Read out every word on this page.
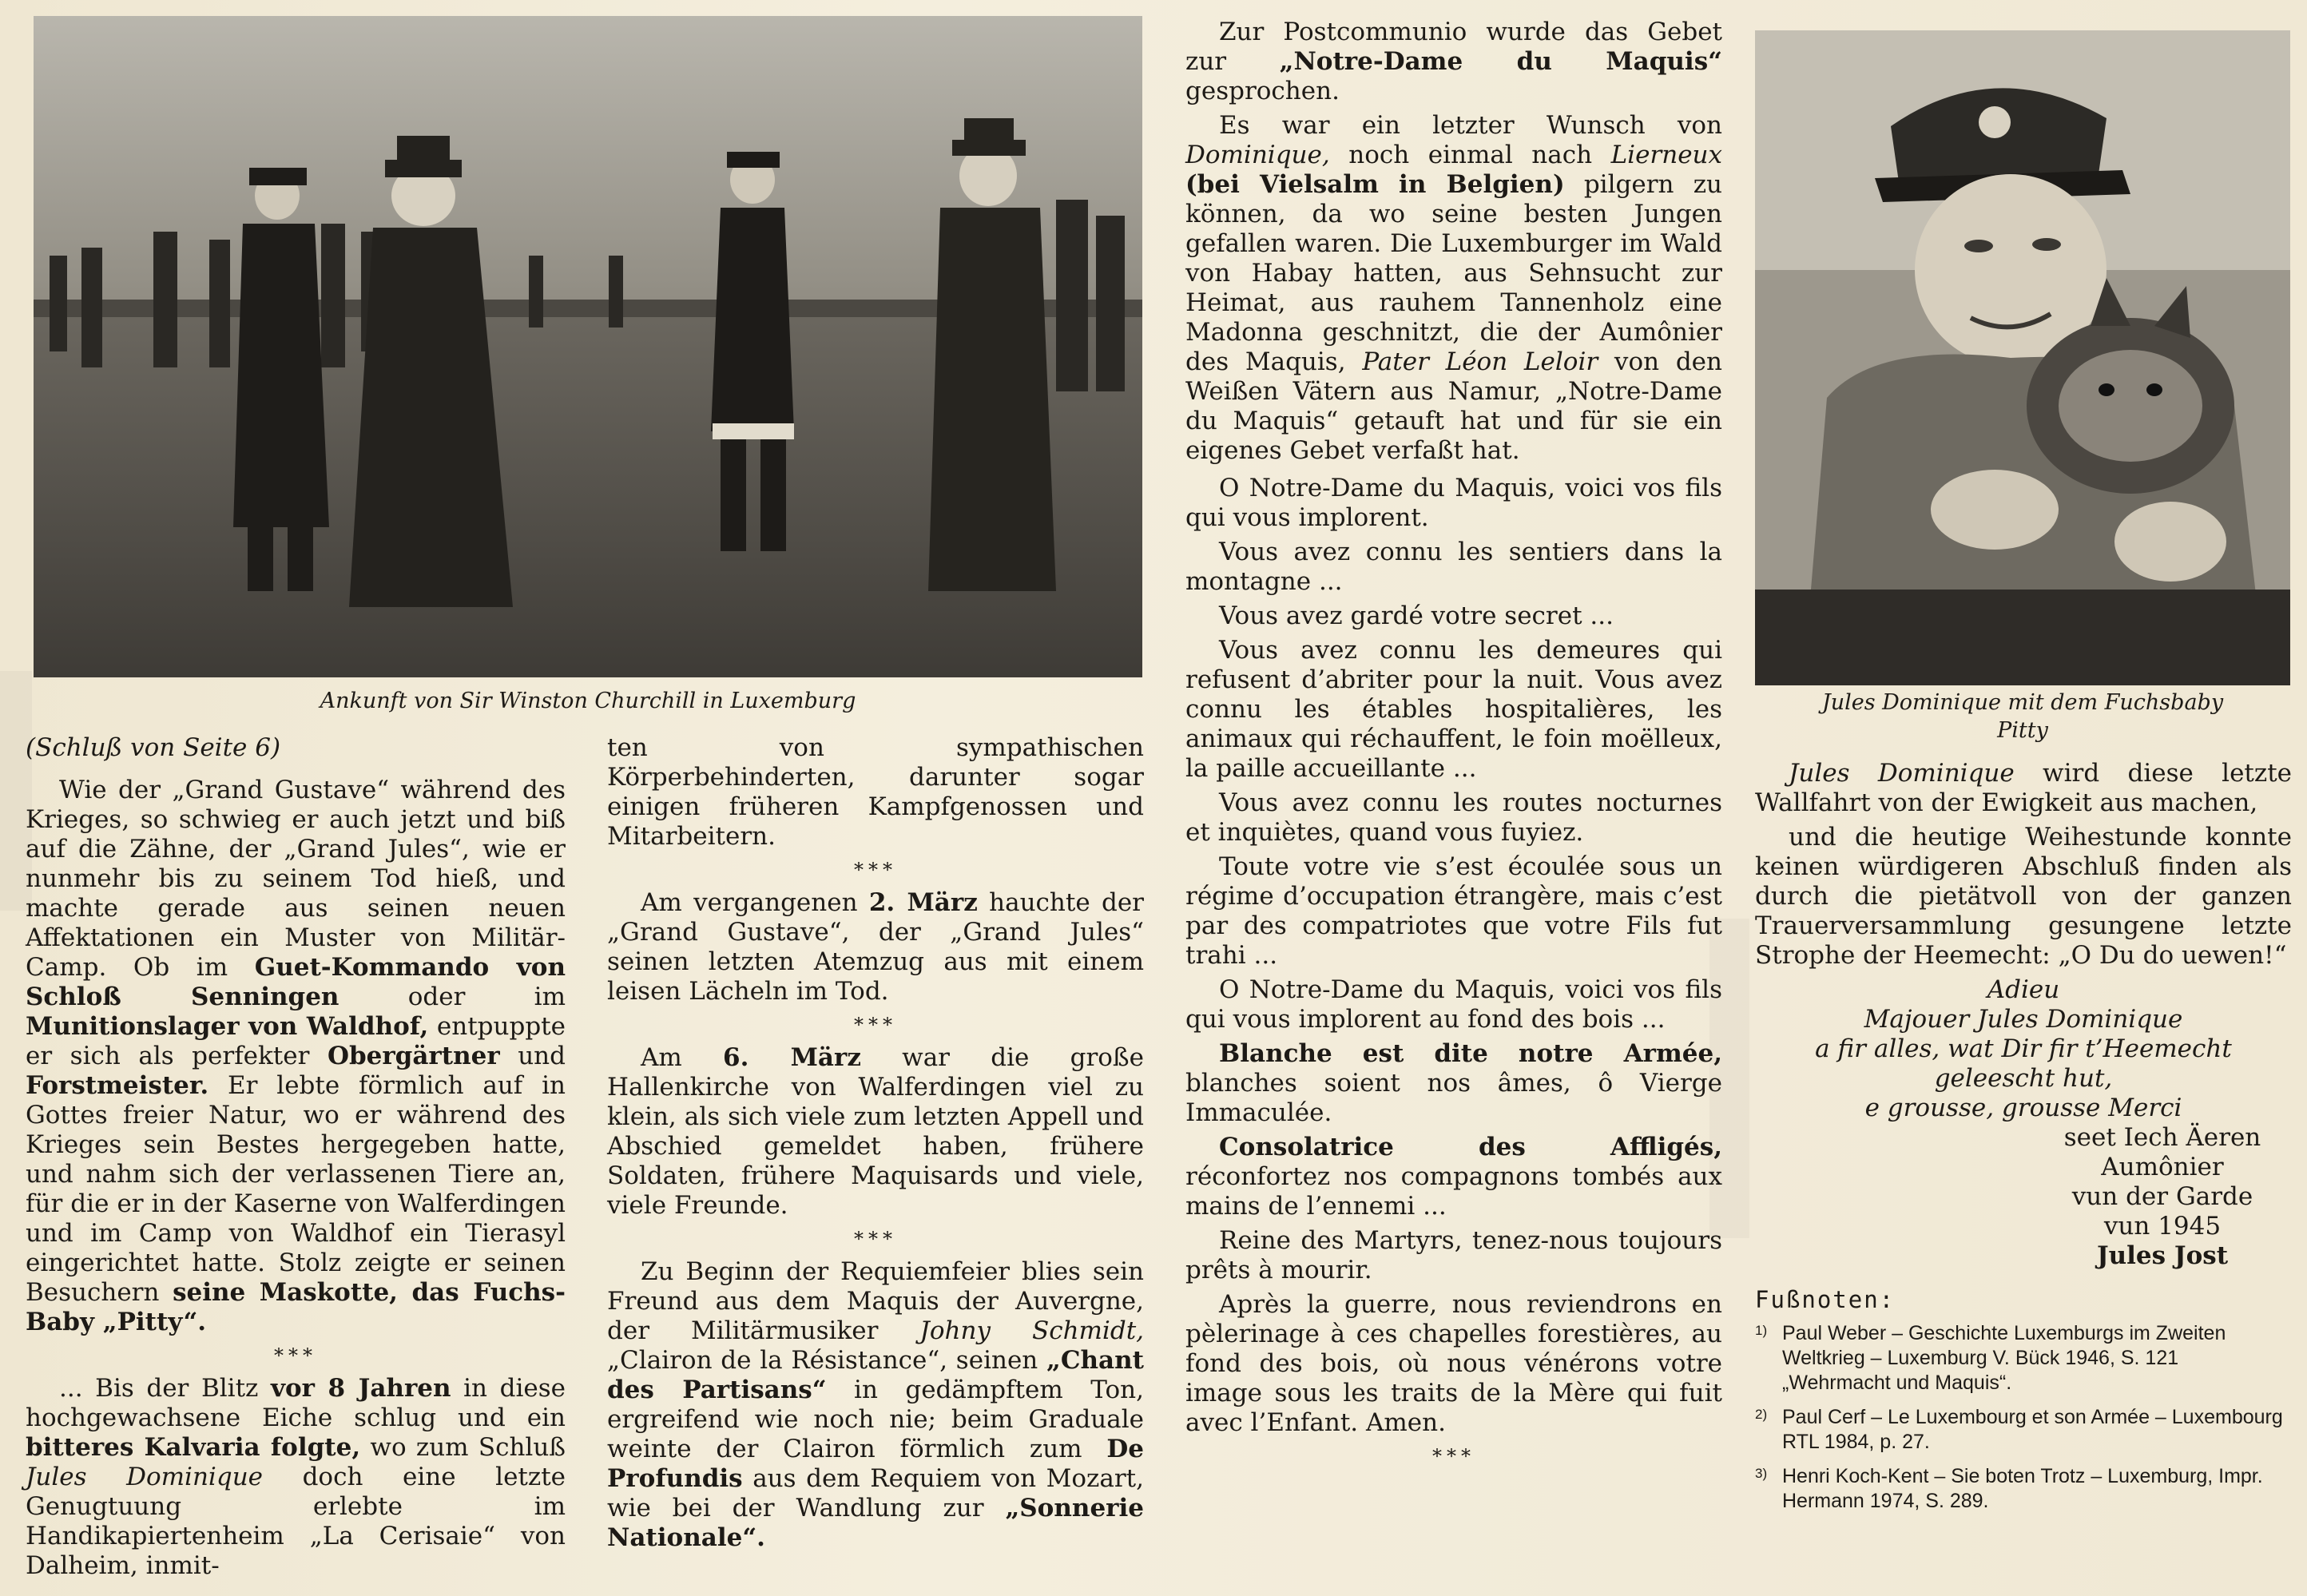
Ankunft von Sir Winston Churchill in Luxemburg	Jules Dominique mit dem Fuchsbaby
Pitty

(Schluß von Seite 6)

Wie der „Grand Gustave“ während des Krieges, so schwieg er auch jetzt und biß auf die Zähne, der „Grand Jules“, wie er nunmehr bis zu seinem Tod hieß, und machte gerade aus seinen neuen Affektationen ein Muster von Militär-Camp. Ob im Guet-Kommando von Schloß Senningen oder im Munitionslager von Waldhof, entpuppte er sich als perfekter Obergärtner und Forstmeister. Er lebte förmlich auf in Gottes freier Natur, wo er während des Krieges sein Bestes hergegeben hatte, und nahm sich der verlassenen Tiere an, für die er in der Kaserne von Walferdingen und im Camp von Waldhof ein Tierasyl eingerichtet hatte. Stolz zeigte er seinen Besuchern seine Maskotte, das Fuchs-Baby „Pitty“.

***

... Bis der Blitz vor 8 Jahren in diese hochgewachsene Eiche schlug und ein bitteres Kalvaria folgte, wo zum Schluß Jules Dominique doch eine letzte Genugtuung erlebte im Handikapiertenheim „La Cerisaie“ von Dalheim, inmit-

ten von sympathischen Körperbehinderten, darunter sogar einigen früheren Kampfgenossen und Mitarbeitern.

***

Am vergangenen 2. März hauchte der „Grand Gustave“, der „Grand Jules“ seinen letzten Atemzug aus mit einem leisen Lächeln im Tod.

***

Am 6. März war die große Hallenkirche von Walferdingen viel zu klein, als sich viele zum letzten Appell und Abschied gemeldet haben, frühere Soldaten, frühere Maquisards und viele, viele Freunde.

***

Zu Beginn der Requiemfeier blies sein Freund aus dem Maquis der Auvergne, der Militärmusiker Johny Schmidt, „Clairon de la Résistance“, seinen „Chant des Partisans“ in gedämpftem Ton, ergreifend wie noch nie; beim Graduale weinte der Clairon förmlich zum De Profundis aus dem Requiem von Mozart, wie bei der Wandlung zur „Sonnerie Nationale“.

Zur Postcommunio wurde das Gebet zur „Notre-Dame du Maquis“ gesprochen.

Es war ein letzter Wunsch von Dominique, noch einmal nach Lierneux (bei Vielsalm in Belgien) pilgern zu können, da wo seine besten Jungen gefallen waren. Die Luxemburger im Wald von Habay hatten, aus Sehnsucht zur Heimat, aus rauhem Tannenholz eine Madonna geschnitzt, die der Aumônier des Maquis, Pater Léon Leloir von den Weißen Vätern aus Namur, „Notre-Dame du Maquis“ getauft hat und für sie ein eigenes Gebet verfaßt hat.

O Notre-Dame du Maquis, voici vos fils qui vous implorent.

Vous avez connu les sentiers dans la montagne ...

Vous avez gardé votre secret ...

Vous avez connu les demeures qui refusent d’abriter pour la nuit. Vous avez connu les étables hospitalières, les animaux qui réchauffent, le foin moëlleux, la paille accueillante ...

Vous avez connu les routes nocturnes et inquiètes, quand vous fuyiez.

Toute votre vie s’est écoulée sous un régime d’occupation étrangère, mais c’est par des compatriotes que votre Fils fut trahi ...

O Notre-Dame du Maquis, voici vos fils qui vous implorent au fond des bois ...

Blanche est dite notre Armée, blanches soient nos âmes, ô Vierge Immaculée.

Consolatrice des Affligés, réconfortez nos compagnons tombés aux mains de l’ennemi ...

Reine des Martyrs, tenez-nous toujours prêts à mourir.

Après la guerre, nous reviendrons en pèlerinage à ces chapelles forestières, au fond des bois, où nous vénérons votre image sous les traits de la Mère qui fuit avec l’Enfant. Amen.

***

Jules Dominique wird diese letzte Wallfahrt von der Ewigkeit aus machen,

und die heutige Weihestunde konnte keinen würdigeren Abschluß finden als durch die pietätvoll von der ganzen Trauerversammlung gesungene letzte Strophe der Heemecht: „O Du do uewen!“

Adieu
Majouer Jules Dominique
a fir alles, wat Dir fir t’Heemecht
geleescht hut,
e grousse, grousse Merci
seet Iech Äeren
Aumônier
vun der Garde
vun 1945
Jules Jost
Fußnoten:
1) Paul Weber – Geschichte Luxemburgs im Zweiten Weltkrieg – Luxemburg V. Bück 1946, S. 121 „Wehrmacht und Maquis“.
2) Paul Cerf – Le Luxembourg et son Armée – Luxembourg RTL 1984, p. 27.
3) Henri Koch-Kent – Sie boten Trotz – Luxemburg, Impr. Hermann 1974, S. 289.
